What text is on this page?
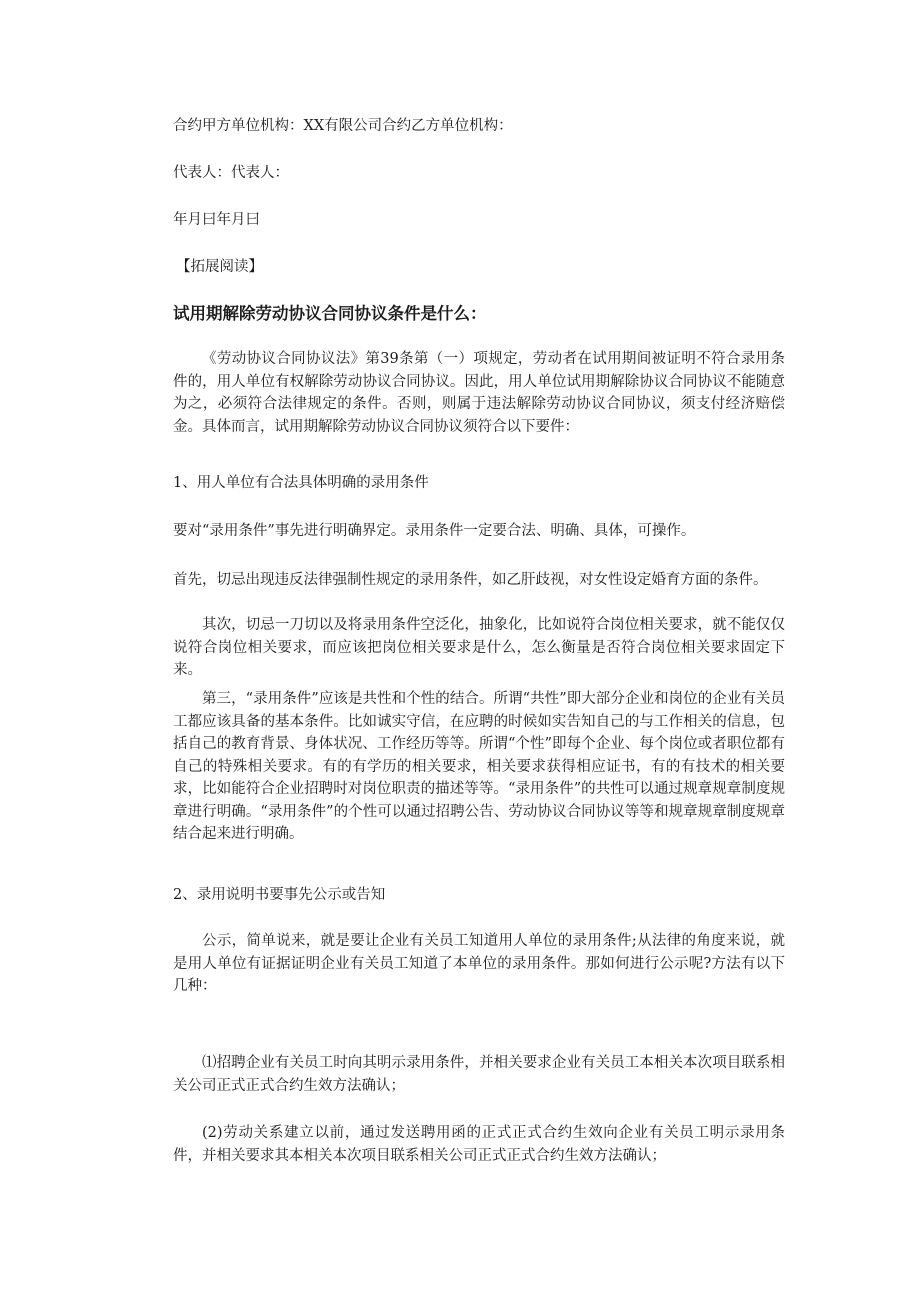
合约甲方单位机构：XX有限公司合约乙方单位机构：
代表人：代表人：
年月曰年月曰
【拓展阅读】
试用期解除劳动协议合同协议条件是什么：
《劳动协议合同协议法》第39条第（一）项规定，劳动者在试用期间被证明不符合录用条件的，用人单位有权解除劳动协议合同协议。因此，用人单位试用期解除协议合同协议不能随意为之，必须符合法律规定的条件。否则，则属于违法解除劳动协议合同协议，须支付经济赔偿金。具体而言，试用期解除劳动协议合同协议须符合以下要件：
1、用人单位有合法具体明确的录用条件
要对“录用条件”事先进行明确界定。录用条件一定要合法、明确、具体，可操作。
首先，切忌出现违反法律强制性规定的录用条件，如乙肝歧视，对女性设定婚育方面的条件。
其次，切忌一刀切以及将录用条件空泛化，抽象化，比如说符合岗位相关要求，就不能仅仅说符合岗位相关要求，而应该把岗位相关要求是什么，怎么衡量是否符合岗位相关要求固定下来。
第三，“录用条件”应该是共性和个性的结合。所谓“共性”即大部分企业和岗位的企业有关员工都应该具备的基本条件。比如诚实守信，在应聘的时候如实告知自己的与工作相关的信息，包括自己的教育背景、身体状况、工作经历等等。所谓“个性”即每个企业、每个岗位或者职位都有自己的特殊相关要求。有的有学历的相关要求，相关要求获得相应证书，有的有技术的相关要求，比如能符合企业招聘时对岗位职责的描述等等。“录用条件”的共性可以通过规章规章制度规章进行明确。“录用条件”的个性可以通过招聘公告、劳动协议合同协议等等和规章规章制度规章结合起来进行明确。
2、录用说明书要事先公示或告知
公示，简单说来，就是要让企业有关员工知道用人单位的录用条件;从法律的角度来说，就是用人单位有证据证明企业有关员工知道了本单位的录用条件。那如何进行公示呢?方法有以下几种：
⑴招聘企业有关员工时向其明示录用条件，并相关要求企业有关员工本相关本次项目联系相关公司正式正式合约生效方法确认；
(2)劳动关系建立以前，通过发送聘用函的正式正式合约生效向企业有关员工明示录用条件，并相关要求其本相关本次项目联系相关公司正式正式合约生效方法确认；
